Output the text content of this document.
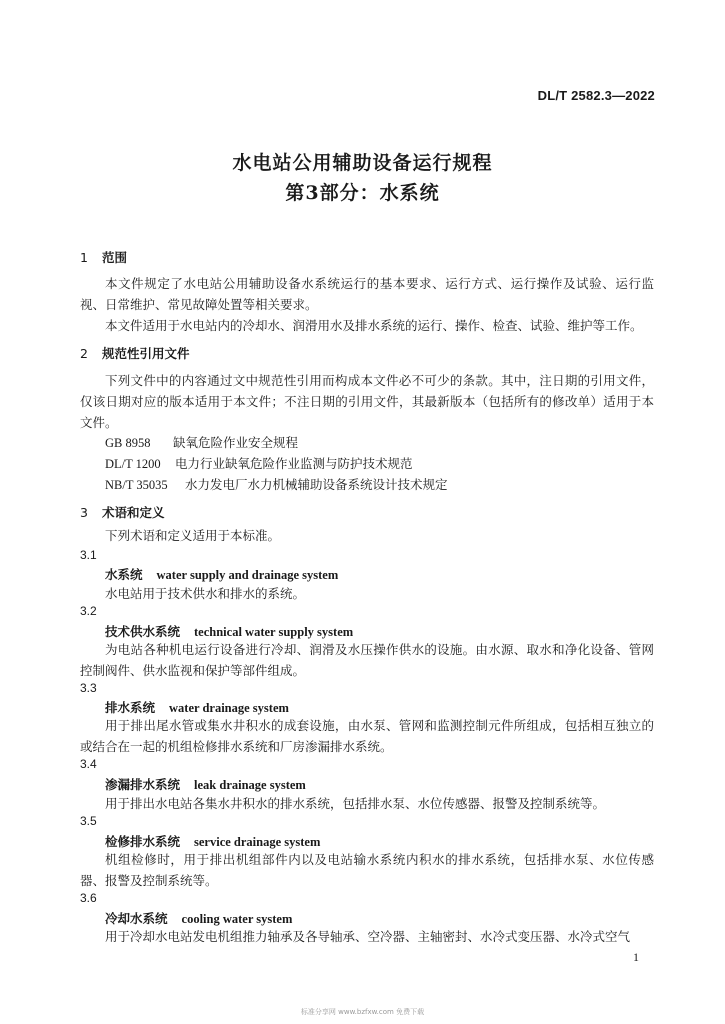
DL/T 2582.3—2022
水电站公用辅助设备运行规程
第3部分：水系统
1 范围
本文件规定了水电站公用辅助设备水系统运行的基本要求、运行方式、运行操作及试验、运行监视、日常维护、常见故障处置等相关要求。
本文件适用于水电站内的冷却水、润滑用水及排水系统的运行、操作、检查、试验、维护等工作。
2 规范性引用文件
下列文件中的内容通过文中规范性引用而构成本文件必不可少的条款。其中，注日期的引用文件，仅该日期对应的版本适用于本文件；不注日期的引用文件，其最新版本（包括所有的修改单）适用于本文件。
GB 8958 缺氧危险作业安全规程
DL/T 1200 电力行业缺氧危险作业监测与防护技术规范
NB/T 35035 水力发电厂水力机械辅助设备系统设计技术规定
3 术语和定义
下列术语和定义适用于本标准。
3.1
水系统 water supply and drainage system
水电站用于技术供水和排水的系统。
3.2
技术供水系统 technical water supply system
为电站各种机电运行设备进行冷却、润滑及水压操作供水的设施。由水源、取水和净化设备、管网控制阀件、供水监视和保护等部件组成。
3.3
排水系统 water drainage system
用于排出尾水管或集水井积水的成套设施，由水泵、管网和监测控制元件所组成，包括相互独立的或结合在一起的机组检修排水系统和厂房渗漏排水系统。
3.4
渗漏排水系统 leak drainage system
用于排出水电站各集水井积水的排水系统，包括排水泵、水位传感器、报警及控制系统等。
3.5
检修排水系统 service drainage system
机组检修时，用于排出机组部件内以及电站输水系统内积水的排水系统，包括排水泵、水位传感器、报警及控制系统等。
3.6
冷却水系统 cooling water system
用于冷却水电站发电机组推力轴承及各导轴承、空冷器、主轴密封、水冷式变压器、水冷式空气
1
标准分享网 www.bzfxw.com 免费下载
